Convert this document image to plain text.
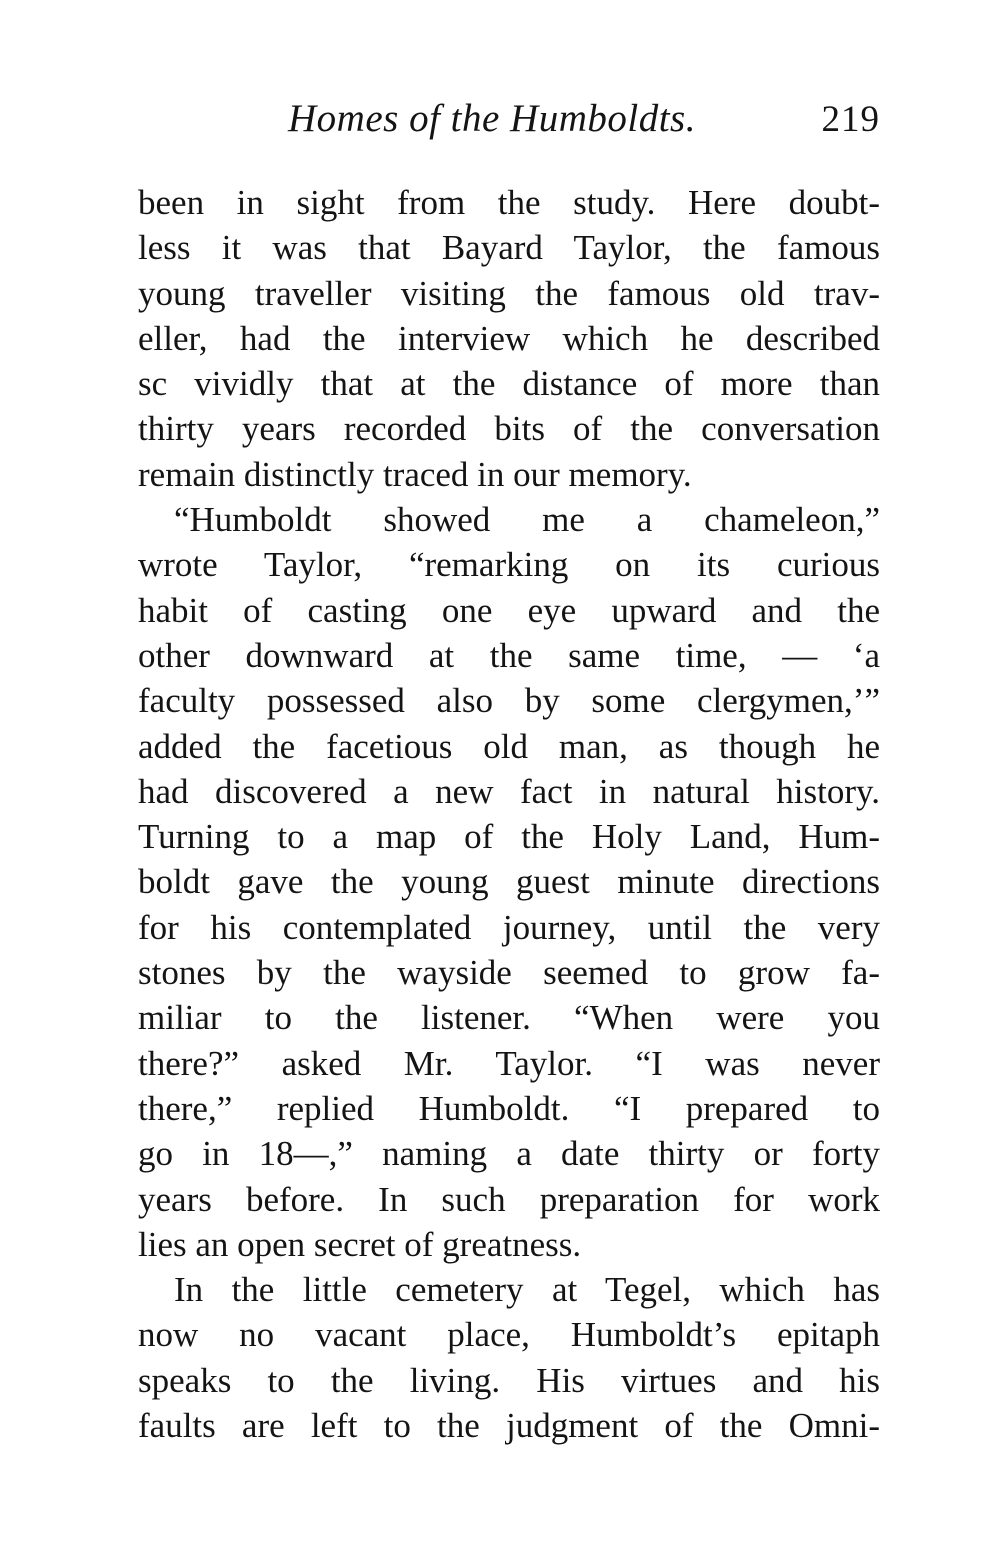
Homes of the Humboldts.	219
been in sight from the study. Here doubt-
less it was that Bayard Taylor, the famous
young traveller visiting the famous old trav-
eller, had the interview which he described
sc vividly that at the distance of more than
thirty years recorded bits of the conversation
remain distinctly traced in our memory.
“Humboldt showed me a chameleon,”
wrote Taylor, “remarking on its curious
habit of casting one eye upward and the
other downward at the same time, — ‘a
faculty possessed also by some clergymen,’”
added the facetious old man, as though he
had discovered a new fact in natural history.
Turning to a map of the Holy Land, Hum-
boldt gave the young guest minute directions
for his contemplated journey, until the very
stones by the wayside seemed to grow fa-
miliar to the listener. “When were you
there?” asked Mr. Taylor. “I was never
there,” replied Humboldt. “I prepared to
go in 18—,” naming a date thirty or forty
years before. In such preparation for work
lies an open secret of greatness.
In the little cemetery at Tegel, which has
now no vacant place, Humboldt’s epitaph
speaks to the living. His virtues and his
faults are left to the judgment of the Omni-
